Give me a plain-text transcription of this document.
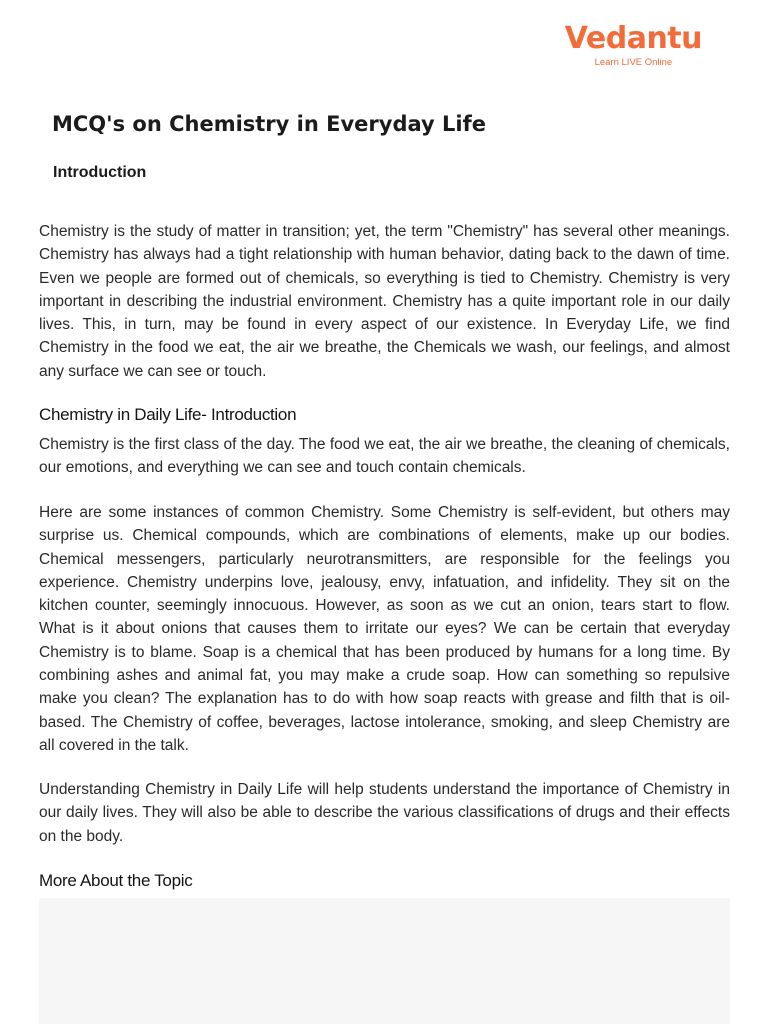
Vedantu
Learn LIVE Online
MCQ's on Chemistry in Everyday Life
Introduction

Chemistry is the study of matter in transition; yet, the term "Chemistry" has several other meanings. Chemistry has always had a tight relationship with human behavior, dating back to the dawn of time. Even we people are formed out of chemicals, so everything is tied to Chemistry. Chemistry is very important in describing the industrial environment. Chemistry has a quite important role in our daily lives. This, in turn, may be found in every aspect of our existence. In Everyday Life, we find Chemistry in the food we eat, the air we breathe, the Chemicals we wash, our feelings, and almost any surface we can see or touch.

Chemistry in Daily Life- Introduction

Chemistry is the first class of the day. The food we eat, the air we breathe, the cleaning of chemicals, our emotions, and everything we can see and touch contain chemicals.

Here are some instances of common Chemistry. Some Chemistry is self-evident, but others may surprise us. Chemical compounds, which are combinations of elements, make up our bodies. Chemical messengers, particularly neurotransmitters, are responsible for the feelings you experience. Chemistry underpins love, jealousy, envy, infatuation, and infidelity. They sit on the kitchen counter, seemingly innocuous. However, as soon as we cut an onion, tears start to flow. What is it about onions that causes them to irritate our eyes? We can be certain that everyday Chemistry is to blame. Soap is a chemical that has been produced by humans for a long time. By combining ashes and animal fat, you may make a crude soap. How can something so repulsive make you clean? The explanation has to do with how soap reacts with grease and filth that is oil-based. The Chemistry of coffee, beverages, lactose intolerance, smoking, and sleep Chemistry are all covered in the talk.

Understanding Chemistry in Daily Life will help students understand the importance of Chemistry in our daily lives. They will also be able to describe the various classifications of drugs and their effects on the body.

More About the Topic
